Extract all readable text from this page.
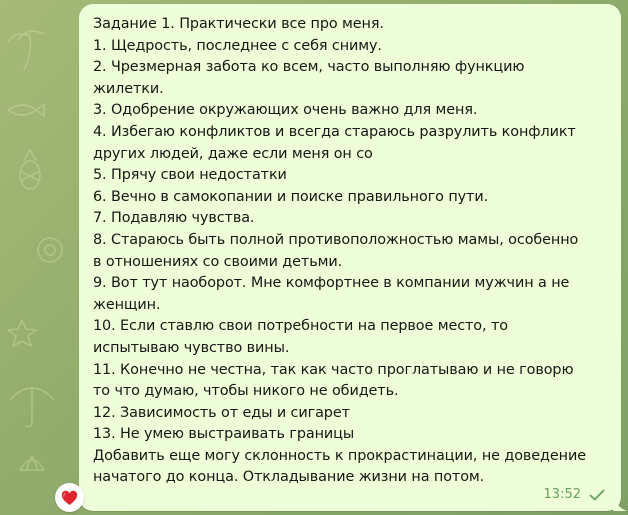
Задание 1. Практически все про меня.
1. Щедрость, последнее с себя сниму.
2. Чрезмерная забота ко всем, часто выполняю функцию
жилетки.
3. Одобрение окружающих очень важно для меня.
4. Избегаю конфликтов и всегда стараюсь разрулить конфликт
других людей, даже если меня он со
5. Прячу свои недостатки
6. Вечно в самокопании и поиске правильного пути.
7. Подавляю чувства.
8. Стараюсь быть полной противоположностью мамы, особенно
в отношениях со своими детьми.
9. Вот тут наоборот. Мне комфортнее в компании мужчин а не
женщин.
10. Если ставлю свои потребности на первое место, то
испытываю чувство вины.
11. Конечно не честна, так как часто проглатываю и не говорю
то что думаю, чтобы никого не обидеть.
12. Зависимость от еды и сигарет
13. Не умею выстраивать границы
Добавить еще могу склонность к прокрастинации, не доведение
начатого до конца. Откладывание жизни на потом.

13:52
